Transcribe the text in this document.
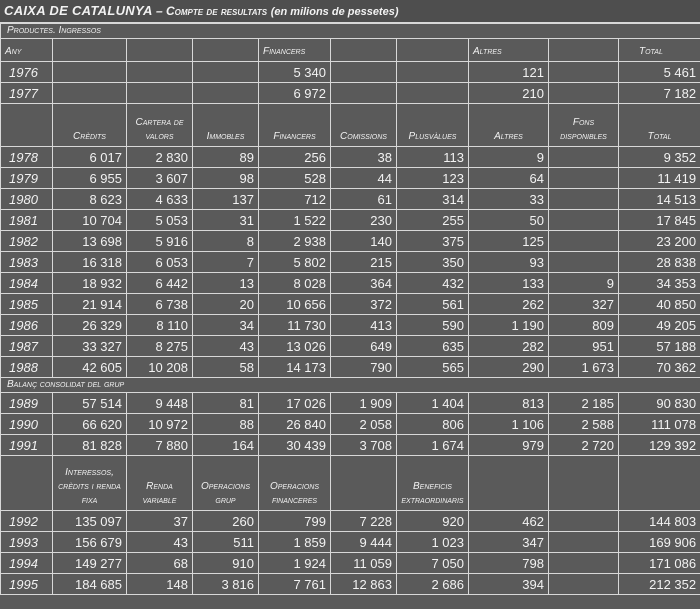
CAIXA DE CATALUNYA – Compte de resultats (en milions de pessetes)
Productes. Ingressos									
Any				Financers			Altres		Total
1976				5 340			121		5 461
1977				6 972			210		7 182
	Crèdits	Cartera de valors	Immobles	Financers	Comissions	Plusvàlues	Altres	Fons disponibles	Total
1978	6 017	2 830	89	256	38	113	9		9 352
1979	6 955	3 607	98	528	44	123	64		11 419
1980	8 623	4 633	137	712	61	314	33		14 513
1981	10 704	5 053	31	1 522	230	255	50		17 845
1982	13 698	5 916	8	2 938	140	375	125		23 200
1983	16 318	6 053	7	5 802	215	350	93		28 838
1984	18 932	6 442	13	8 028	364	432	133	9	34 353
1985	21 914	6 738	20	10 656	372	561	262	327	40 850
1986	26 329	8 110	34	11 730	413	590	1 190	809	49 205
1987	33 327	8 275	43	13 026	649	635	282	951	57 188
1988	42 605	10 208	58	14 173	790	565	290	1 673	70 362
Balanç consolidat del grup									
1989	57 514	9 448	81	17 026	1 909	1 404	813	2 185	90 830
1990	66 620	10 972	88	26 840	2 058	806	1 106	2 588	111 078
1991	81 828	7 880	164	30 439	3 708	1 674	979	2 720	129 392
	Interessos, crèdits i renda fixa	Renda variable	Operacions grup	Operacions financeres		Beneficis extraordinaris			
1992	135 097	37	260	799	7 228	920	462		144 803
1993	156 679	43	511	1 859	9 444	1 023	347		169 906
1994	149 277	68	910	1 924	11 059	7 050	798		171 086
1995	184 685	148	3 816	7 761	12 863	2 686	394		212 352
